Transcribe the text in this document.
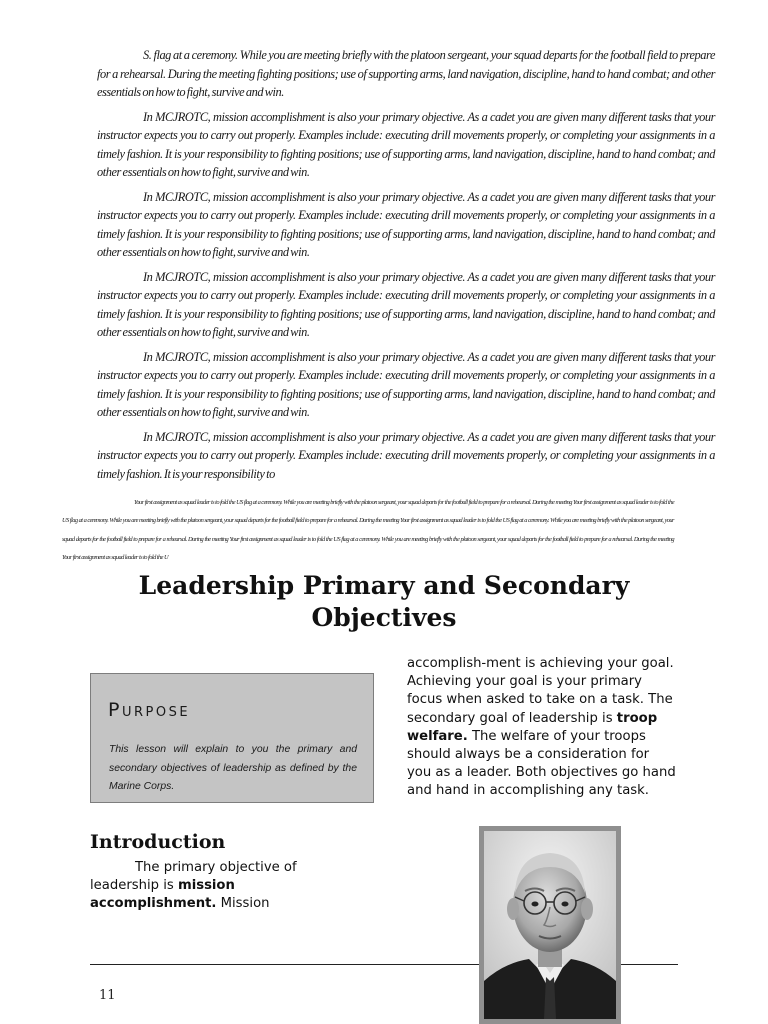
S. flag at a ceremony. While you are meeting briefly with the platoon sergeant, your squad departs for the football field to prepare for a rehearsal. During the meeting fighting positions; use of supporting arms, land navigation, discipline, hand to hand combat; and other essentials on how to fight, survive and win.

In MCJROTC, mission accomplishment is also your primary objective. As a cadet you are given many different tasks that your instructor expects you to carry out properly. Examples include: executing drill movements properly, or completing your assignments in a timely fashion. It is your responsibility to fighting positions; use of supporting arms, land navigation, discipline, hand to hand combat; and other essentials on how to fight, survive and win.

In MCJROTC, mission accomplishment is also your primary objective. As a cadet you are given many different tasks that your instructor expects you to carry out properly. Examples include: executing drill movements properly, or completing your assignments in a timely fashion. It is your responsibility to fighting positions; use of supporting arms, land navigation, discipline, hand to hand combat; and other essentials on how to fight, survive and win.

In MCJROTC, mission accomplishment is also your primary objective. As a cadet you are given many different tasks that your instructor expects you to carry out properly. Examples include: executing drill movements properly, or completing your assignments in a timely fashion. It is your responsibility to fighting positions; use of supporting arms, land navigation, discipline, hand to hand combat; and other essentials on how to fight, survive and win.

In MCJROTC, mission accomplishment is also your primary objective. As a cadet you are given many different tasks that your instructor expects you to carry out properly. Examples include: executing drill movements properly, or completing your assignments in a timely fashion. It is your responsibility to fighting positions; use of supporting arms, land navigation, discipline, hand to hand combat; and other essentials on how to fight, survive and win.

In MCJROTC, mission accomplishment is also your primary objective. As a cadet you are given many different tasks that your instructor expects you to carry out properly. Examples include: executing drill movements properly, or completing your assignments in a timely fashion. It is your responsibility to

Your first assignment as squad leader is to fold the US flag at a ceremony. While you are meeting briefly with the platoon sergeant, your squad departs for the football field to prepare for a rehearsal. During the meeting Your first assignment as squad leader is to fold the US flag at a ceremony. While you are meeting briefly with the platoon sergeant, your squad departs for the football field to prepare for a rehearsal. During the meeting Your first assignment as squad leader is to fold the US flag at a ceremony. While you are meeting briefly with the platoon sergeant, your squad departs for the football field to prepare for a rehearsal. During the meeting Your first assignment as squad leader is to fold the US flag at a ceremony. While you are meeting briefly with the platoon sergeant, your squad departs for the football field to prepare for a rehearsal. During the meeting Your first assignment as squad leader is to fold the U

Leadership Primary and Secondary
Objectives
Purpose
This lesson will explain to you the primary and secondary objectives of leadership as defined by the Marine Corps.
accomplish-ment is achieving your goal. Achieving your goal is your primary focus when asked to take on a task. The secondary goal of leadership is troop welfare. The welfare of your troops should always be a consideration for you as a leader. Both objectives go hand and hand in accomplishing any task.
Introduction
The primary objective of leadership is mission accomplishment. Mission
11
